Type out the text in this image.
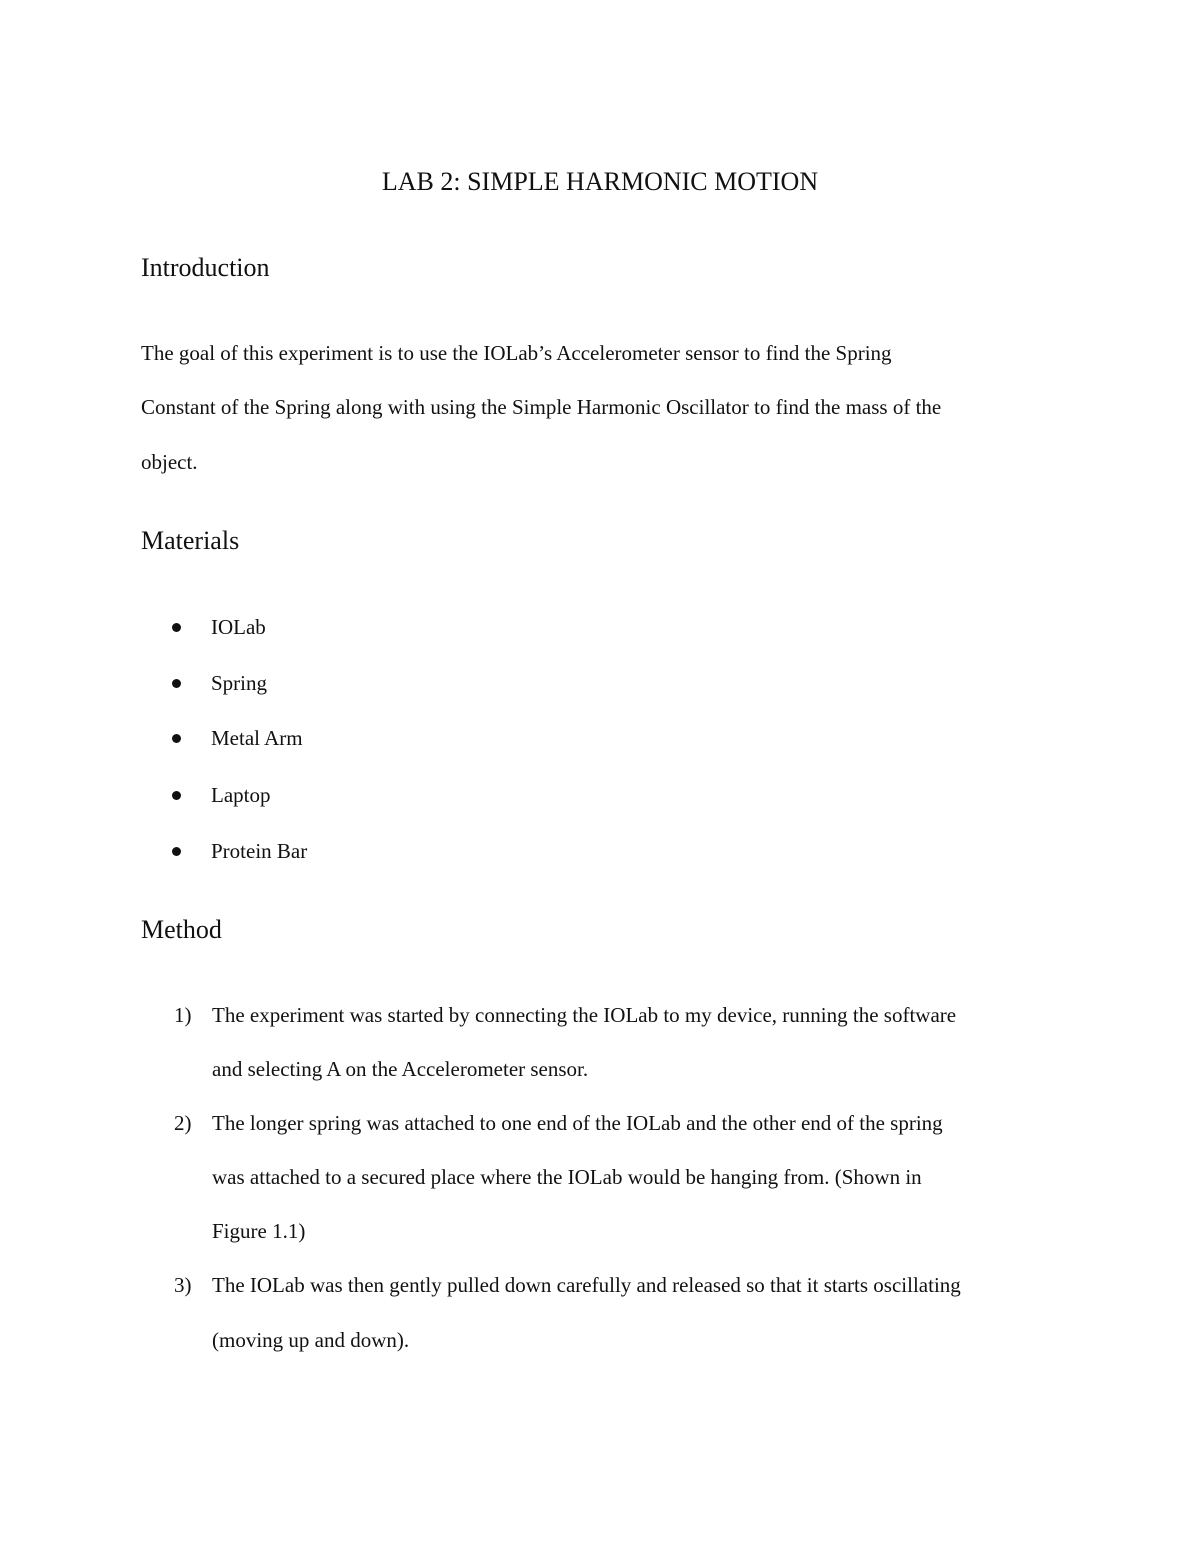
LAB 2: SIMPLE HARMONIC MOTION
Introduction
The goal of this experiment is to use the IOLab’s Accelerometer sensor to find the Spring
Constant of the Spring along with using the Simple Harmonic Oscillator to find the mass of the
object.
Materials
IOLab
Spring
Metal Arm
Laptop
Protein Bar
Method
1) The experiment was started by connecting the IOLab to my device, running the software
and selecting A on the Accelerometer sensor.
2) The longer spring was attached to one end of the IOLab and the other end of the spring
was attached to a secured place where the IOLab would be hanging from. (Shown in
Figure 1.1)
3) The IOLab was then gently pulled down carefully and released so that it starts oscillating
(moving up and down).
